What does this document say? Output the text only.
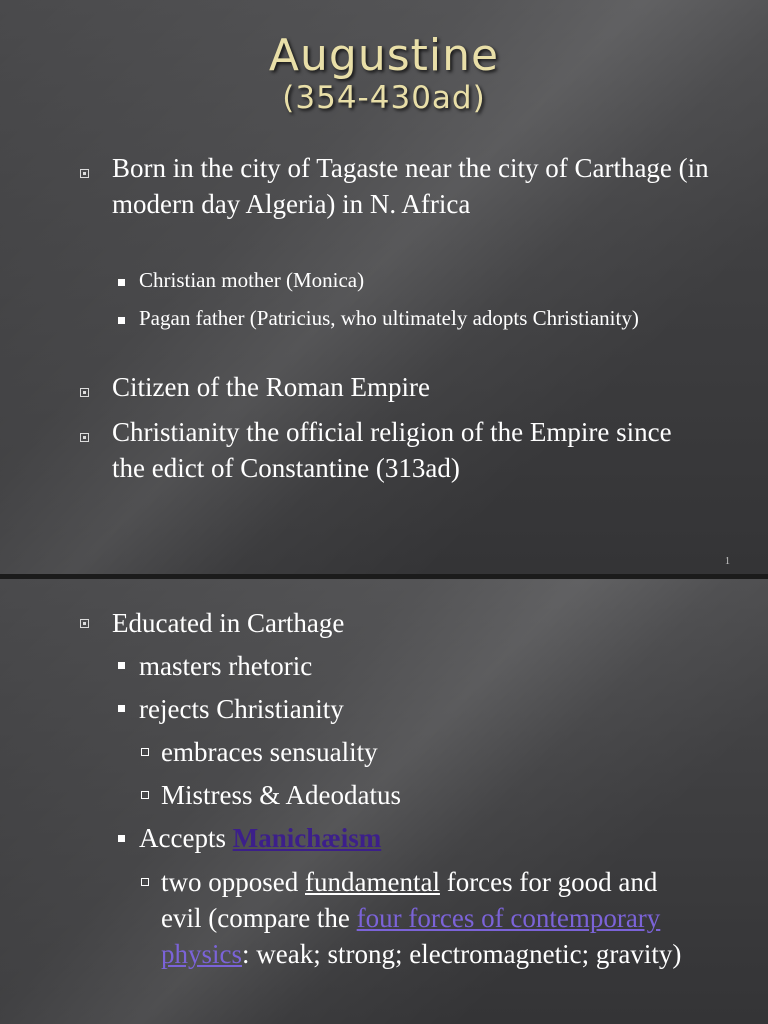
Augustine
(354-430ad)

Born in the city of Tagaste near the city of Carthage (in modern day Algeria) in N. Africa

Christian mother (Monica)

Pagan father (Patricius, who ultimately adopts Christianity)

Citizen of the Roman Empire

Christianity the official religion of the Empire since the edict of Constantine (313ad)

1

Educated in Carthage

masters rhetoric

rejects Christianity

embraces sensuality

Mistress & Adeodatus

Accepts Manichæism

two opposed fundamental forces for good and evil (compare the four forces of contemporary physics: weak; strong; electromagnetic; gravity)
